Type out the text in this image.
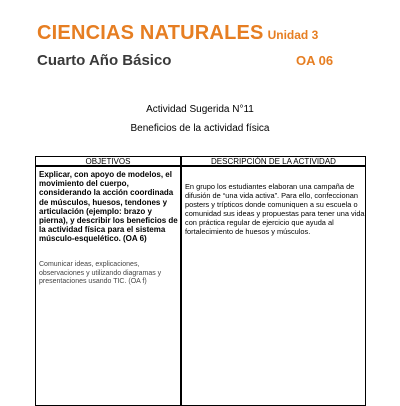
CIENCIAS NATURALES Unidad 3
Cuarto Año Básico	OA 06
Actividad Sugerida N°11
Beneficios de la actividad física
OBJETIVOS	DESCRIPCIÓN DE LA ACTIVIDAD
Explicar, con apoyo de modelos, el movimiento del cuerpo, considerando la acción coordinada de músculos, huesos, tendones y articulación (ejemplo: brazo y pierna), y describir los beneficios de la actividad física para el sistema músculo-esquelético. (OA 6)
Comunicar ideas, explicaciones, observaciones y utilizando diagramas y presentaciones usando TIC. (OA f)
En grupo los estudiantes elaboran una campaña de difusión de “una vida activa”. Para ello, confeccionan posters y trípticos donde comuniquen a su escuela o comunidad sus ideas y propuestas para tener una vida con práctica regular de ejercicio que ayuda al fortalecimiento de huesos y músculos.
